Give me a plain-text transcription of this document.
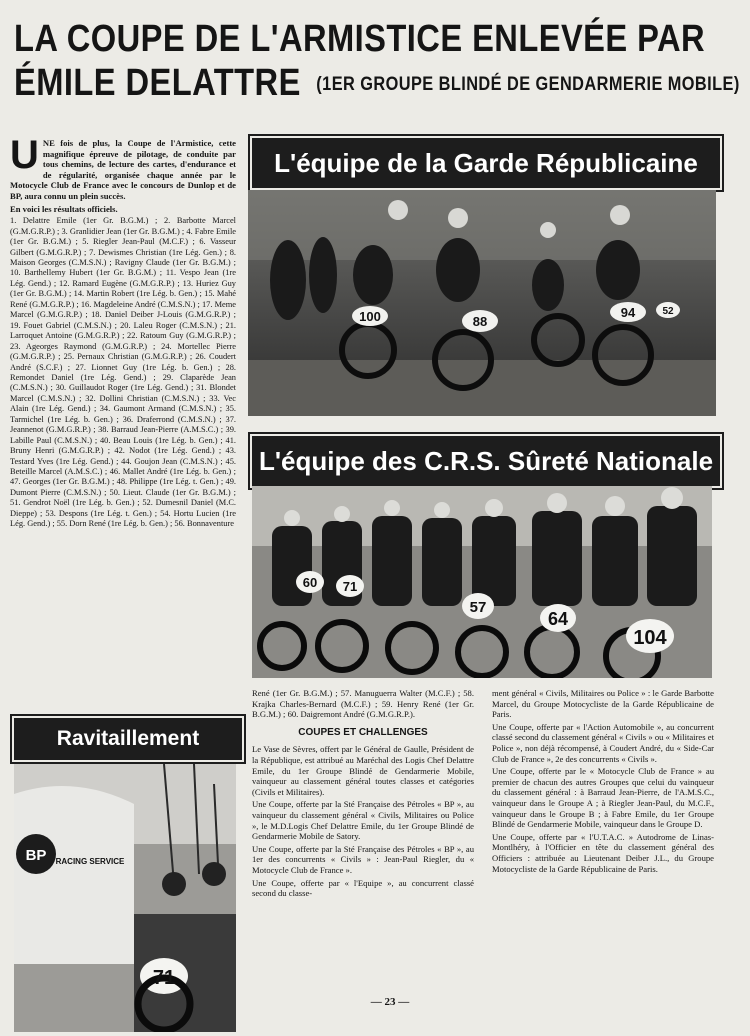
LA COUPE DE L'ARMISTICE ENLEVÉE PAR
ÉMILE DELATTRE (1ER GROUPE BLINDÉ DE GENDARMERIE MOBILE)

UNE fois de plus, la Coupe de l'Armistice, cette magnifique épreuve de pilotage, de conduite par tous chemins, de lecture des cartes, d'endurance et de régularité, organisée chaque année par le Motocycle Club de France avec le concours de Dunlop et de BP, aura connu un plein succès.

En voici les résultats officiels.

1. Delattre Emile (1er Gr. B.G.M.) ; 2. Barbotte Marcel (G.M.G.R.P.) ; 3. Granlidier Jean (1er Gr. B.G.M.) ; 4. Fabre Emile (1er Gr. B.G.M.) ; 5. Riegler Jean-Paul (M.C.F.) ; 6. Vasseur Gilbert (G.M.G.R.P.) ; 7. Dewismes Christian (1re Lég. Gen.) ; 8. Maison Georges (C.M.S.N.) ; Ravigny Claude (1er Gr. B.G.M.) ; 10. Barthellemy Hubert (1er Gr. B.G.M.) ; 11. Vespo Jean (1re Lég. Gend.) ; 12. Ramard Eugène (G.M.G.R.P.) ; 13. Huriez Guy (1er Gr. B.G.M.) ; 14. Martin Robert (1re Lég. b. Gen.) ; 15. Mahé René (G.M.G.R.P.) ; 16. Magdeleine André (C.M.S.N.) ; 17. Meme Marcel (G.M.G.R.P.) ; 18. Daniel Deiber J-Louis (G.M.G.R.P.) ; 19. Fouet Gabriel (C.M.S.N.) ; 20. Laleu Roger (C.M.S.N.) ; 21. Larroquet Antoine (G.M.G.R.P.) ; 22. Ratoum Guy (G.M.G.R.P.) ; 23. Ageorges Raymond (G.M.G.R.P.) ; 24. Mortellec Pierre (G.M.G.R.P.) ; 25. Pernaux Christian (G.M.G.R.P.) ; 26. Coudert André (S.C.F.) ; 27. Lionnet Guy (1re Lég. b. Gen.) ; 28. Remondet Daniel (1re Lég. Gend.) ; 29. Claparède Jean (C.M.S.N.) ; 30. Guillaudot Roger (1re Lég. Gend.) ; 31. Blondet Marcel (C.M.S.N.) ; 32. Dollini Christian (C.M.S.N.) ; 33. Vec Alain (1re Lég. Gend.) ; 34. Gaumont Armand (C.M.S.N.) ; 35. Tarmichel (1re Lég. b. Gen.) ; 36. Draferrond (C.M.S.N.) ; 37. Jeannenot (G.M.G.R.P.) ; 38. Barraud Jean-Pierre (A.M.S.C.) ; 39. Labille Paul (C.M.S.N.) ; 40. Beau Louis (1re Lég. b. Gen.) ; 41. Bruny Henri (G.M.G.R.P.) ; 42. Nodot (1re Lég. Gend.) ; 43. Testard Yves (1re Lég. Gend.) ; 44. Goujon Jean (C.M.S.N.) ; 45. Beteille Marcel (A.M.S.C.) ; 46. Mallet André (1re Lég. b. Gen.) ; 47. Georges (1er Gr. B.G.M.) ; 48. Philippe (1re Lég. t. Gen.) ; 49. Dumont Pierre (C.M.S.N.) ; 50. Lieut. Claude (1er Gr. B.G.M.) ; 51. Gendrot Noël (1re Lég. b. Gen.) ; 52. Dumesnil Daniel (M.C. Dieppe) ; 53. Despons (1re Lég. t. Gen.) ; 54. Hortu Lucien (1re Lég. Gend.) ; 55. Dorn René (1re Lég. b. Gen.) ; 56. Bonnaventure

L'équipe de la Garde Républicaine
100	88
94	52
L'équipe des C.R.S. Sûreté Nationale
60 71
57
64
104
Ravitaillement
BP RACING SERVICE
71

René (1er Gr. B.G.M.) ; 57. Manuguerra Walter (M.C.F.) ; 58. Krajka Charles-Bernard (M.C.F.) ; 59. Henry René (1er Gr. B.G.M.) ; 60. Daigremont André (G.M.G.R.P.).

COUPES ET CHALLENGES

Le Vase de Sèvres, offert par le Général de Gaulle, Président de la République, est attribué au Maréchal des Logis Chef Delattre Emile, du 1er Groupe Blindé de Gendarmerie Mobile, vainqueur au classement général toutes classes et catégories (Civils et Militaires).

Une Coupe, offerte par la Sté Française des Pétroles « BP », au vainqueur du classement général « Civils, Militaires ou Police », le M.D.Logis Chef Delattre Emile, du 1er Groupe Blindé de Gendarmerie Mobile de Satory.

Une Coupe, offerte par la Sté Française des Pétroles « BP », au 1er des concurrents « Civils » : Jean-Paul Riegler, du « Motocycle Club de France ».

Une Coupe, offerte par « l'Equipe », au concurrent classé second du classe-

ment général « Civils, Militaires ou Police » : le Garde Barbotte Marcel, du Groupe Motocycliste de la Garde Républicaine de Paris.

Une Coupe, offerte par « l'Action Automobile », au concurrent classé second du classement général « Civils » ou « Militaires et Police », non déjà récompensé, à Coudert André, du « Side-Car Club de France », 2e des concurrents « Civils ».

Une Coupe, offerte par le « Motocycle Club de France » au premier de chacun des autres Groupes que celui du vainqueur du classement général : à Barraud Jean-Pierre, de l'A.M.S.C., vainqueur dans le Groupe A ; à Riegler Jean-Paul, du M.C.F., vainqueur dans le Groupe B ; à Fabre Emile, du 1er Groupe Blindé de Gendarmerie Mobile, vainqueur dans le Groupe D.

Une Coupe, offerte par « l'U.T.A.C. » Autodrome de Linas-Montlhéry, à l'Officier en tête du classement général des Officiers : attribuée au Lieutenant Deiber J.L., du Groupe Motocycliste de la Garde Républicaine de Paris.

— 23 —
